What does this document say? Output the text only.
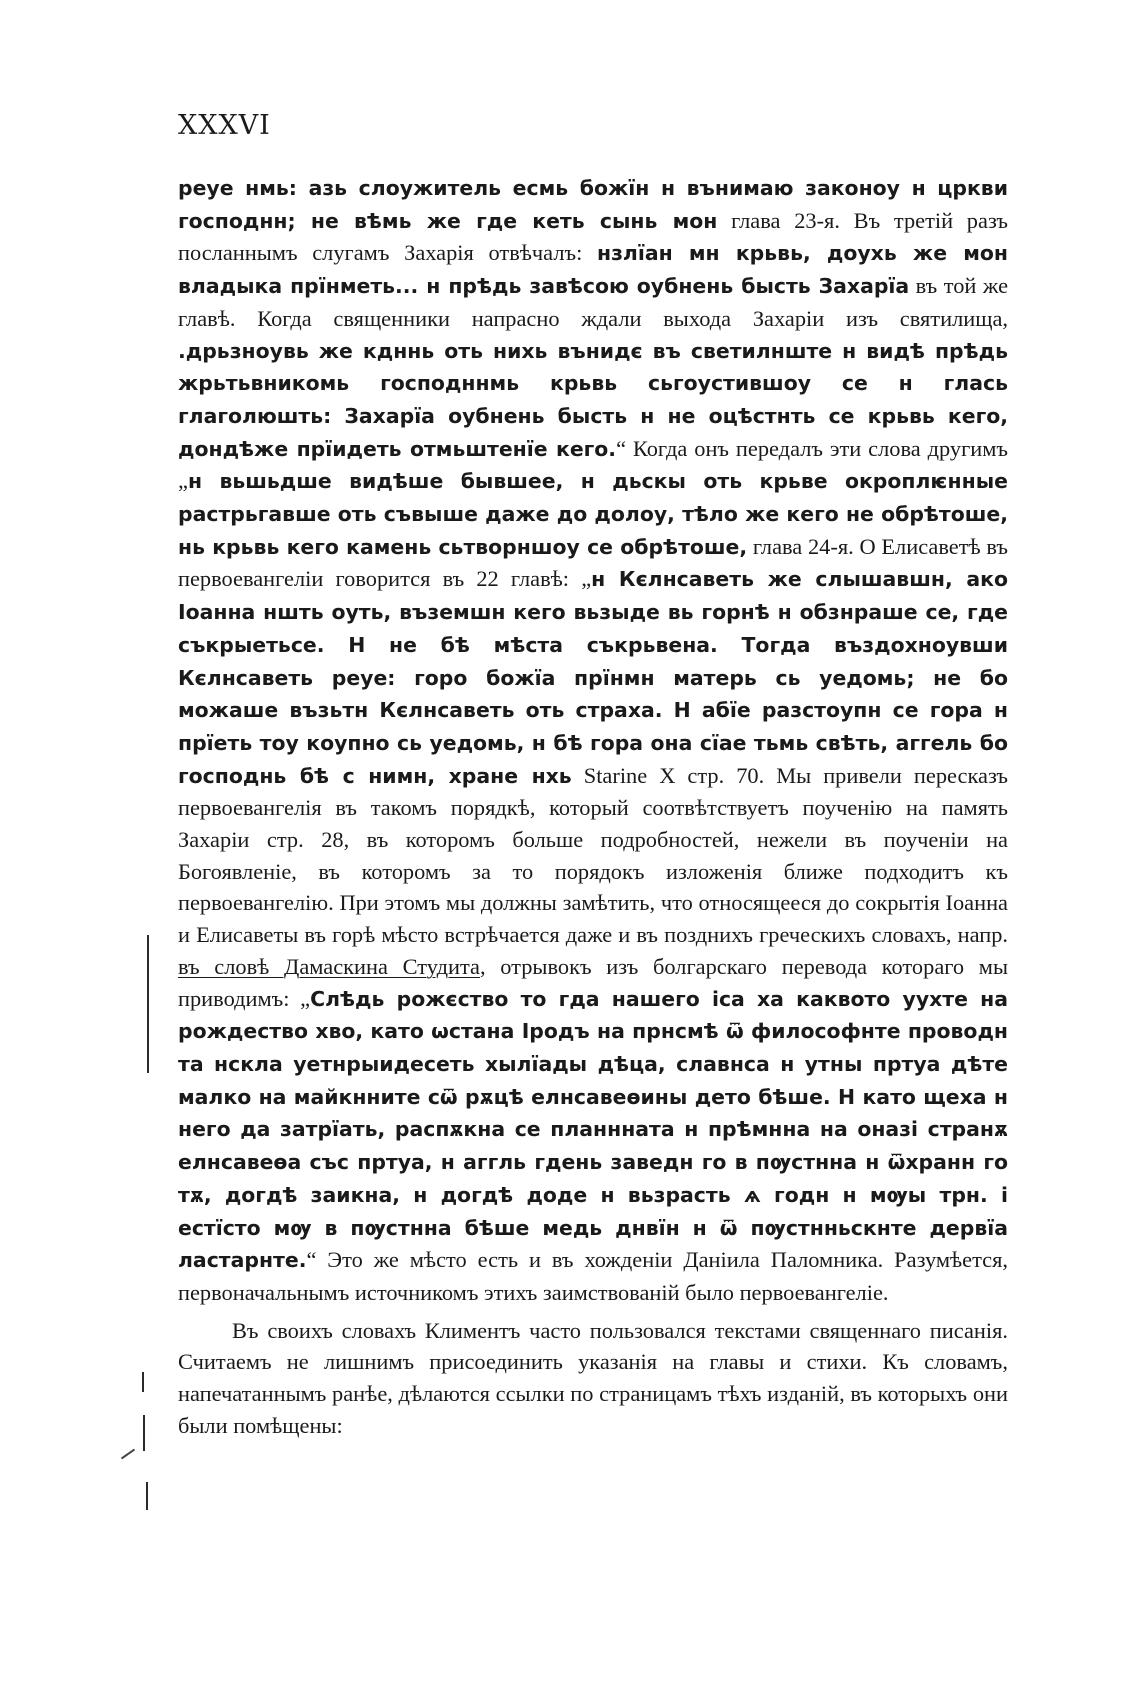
XXXVI

реуе нмь: азь слоужитель есмь божїн н вънимаю законоу н цркви господнн; не вѣмь же где кеть сынь мон глава 23-я. Въ третій разъ посланнымъ слугамъ Захарія отвѣчалъ: нзлїан мн крьвь, доухь же мон владыка прїнметь... н прѣдь завѣсою оубнень бысть Захарїа въ той же главѣ. Когда священники напрасно ждали выхода Захаріи изъ святилища, .дрьзноувь же кдннь оть нихь вънидє въ светилнште н видѣ прѣдь жрьтьвникомь господннмь крьвь сьгоустившоу се н глась глаголюшть: Захарїа оубнень бысть н не оцѣстнть се крьвь кего, дондѣже прїидеть отмьштенїе кего.“ Когда онъ передалъ эти слова другимъ „н вьшьдше видѣше бывшее, н дьскы оть крьве окроплѥнные растрьгавше оть съвыше даже до долоу, тѣло же кего не обрѣтоше, нь крьвь кего камень сьтворншоу се обрѣтоше, глава 24-я. О Елисаветѣ въ первоевангеліи говорится въ 22 главѣ: „н Кєлнсаветь же слышавшн, ако Іоанна ншть оуть, въземшн кего вьзыде вь горнѣ н обзнраше се, где съкрыетьсе. Н не бѣ мѣста съкрьвена. Тогда въздохноувши Кєлнсаветь реуе: горо божїа прїнмн матерь сь уедомь; не бо можаше възьтн Кєлнсаветь оть страха. Н абїе разстоупн се гора н прїеть тоу коупно сь уедомь, н бѣ гора она сїае тьмь свѣть, аггель бо господнь бѣ с нимн, хране нхь Starine X стр. 70. Мы привели пересказъ первоевангелія въ такомъ порядкѣ, который соотвѣтствуетъ поученію на память Захаріи стр. 28, въ которомъ больше подробностей, нежели въ поученіи на Богоявленіе, въ которомъ за то порядокъ изложенія ближе подходитъ къ первоевангелію. При этомъ мы должны замѣтить, что относящееся до сокрытія Іоанна и Елисаветы въ горѣ мѣсто встрѣчается даже и въ позднихъ греческихъ словахъ, напр. въ словѣ Дамаскина Студита, отрывокъ изъ болгарскаго перевода котораго мы приводимъ: „Слѣдь рожєство то гда нашего іса ха каквото уухте на рождество хво, като ѡстана Іродъ на прнсмѣ ѿ философнте проводн та нскла уетнрыидесеть хылїады дѣца, славнса н утны пртуа дѣте малко на майкнните сѿ рѫцѣ елнсавеѳины дето бѣше. Н като щеха н него да затрїать, распѫкна се планннатa н прѣмнна на оназі странѫ елнсавеѳа със пртуа, н аггль гдень заведн го в пѹстнна н ѿхранн го тѫ, догдѣ заикна, н догдѣ доде н вьзрасть ѧ годн н мѹы трн. і естїсто мѹ в пѹстнна бѣше медь днвїн н ѿ пѹстнньскнте дервїа ластарнте.“ Это же мѣсто есть и въ хожденіи Даніила Паломника. Разумѣется, первоначальнымъ источникомъ этихъ заимствованій было первоевангеліе.

Въ своихъ словахъ Климентъ часто пользовался текстами священнаго писанія. Считаемъ не лишнимъ присоединить указанія на главы и стихи. Къ словамъ, напечатаннымъ ранѣе, дѣлаются ссылки по страницамъ тѣхъ изданій, въ которыхъ они были помѣщены:
